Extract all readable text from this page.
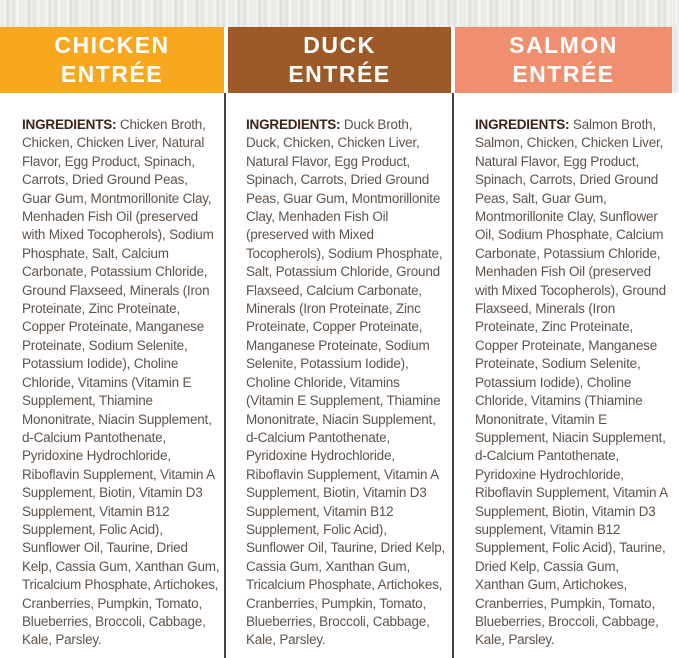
CHICKEN
ENTRÉE
INGREDIENTS: Chicken Broth, Chicken, Chicken Liver, Natural Flavor, Egg Product, Spinach, Carrots, Dried Ground Peas, Guar Gum, Montmorillonite Clay, Menhaden Fish Oil (preserved with Mixed Tocopherols), Sodium Phosphate, Salt, Calcium Carbonate, Potassium Chloride, Ground Flaxseed, Minerals (Iron Proteinate, Zinc Proteinate, Copper Proteinate, Manganese Proteinate, Sodium Selenite, Potassium Iodide), Choline Chloride, Vitamins (Vitamin E Supplement, Thiamine Mononitrate, Niacin Supplement, d-Calcium Pantothenate, Pyridoxine Hydrochloride, Riboflavin Supplement, Vitamin A Supplement, Biotin, Vitamin D3 Supplement, Vitamin B12 Supplement, Folic Acid), Sunflower Oil, Taurine, Dried Kelp, Cassia Gum, Xanthan Gum, Tricalcium Phosphate, Artichokes, Cranberries, Pumpkin, Tomato, Blueberries, Broccoli, Cabbage, Kale, Parsley.
DUCK
ENTRÉE
INGREDIENTS: Duck Broth, Duck, Chicken, Chicken Liver, Natural Flavor, Egg Product, Spinach, Carrots, Dried Ground Peas, Guar Gum, Montmorillonite Clay, Menhaden Fish Oil (preserved with Mixed Tocopherols), Sodium Phosphate, Salt, Potassium Chloride, Ground Flaxseed, Calcium Carbonate, Minerals (Iron Proteinate, Zinc Proteinate, Copper Proteinate, Manganese Proteinate, Sodium Selenite, Potassium Iodide), Choline Chloride, Vitamins (Vitamin E Supplement, Thiamine Mononitrate, Niacin Supplement, d-Calcium Pantothenate, Pyridoxine Hydrochloride, Riboflavin Supplement, Vitamin A Supplement, Biotin, Vitamin D3 Supplement, Vitamin B12 Supplement, Folic Acid), Sunflower Oil, Taurine, Dried Kelp, Cassia Gum, Xanthan Gum, Tricalcium Phosphate, Artichokes, Cranberries, Pumpkin, Tomato, Blueberries, Broccoli, Cabbage, Kale, Parsley.
SALMON
ENTRÉE
INGREDIENTS: Salmon Broth, Salmon, Chicken, Chicken Liver, Natural Flavor, Egg Product, Spinach, Carrots, Dried Ground Peas, Salt, Guar Gum, Montmorillonite Clay, Sunflower Oil, Sodium Phosphate, Calcium Carbonate, Potassium Chloride, Menhaden Fish Oil (preserved with Mixed Tocopherols), Ground Flaxseed, Minerals (Iron Proteinate, Zinc Proteinate, Copper Proteinate, Manganese Proteinate, Sodium Selenite, Potassium Iodide), Choline Chloride, Vitamins (Thiamine Mononitrate, Vitamin E Supplement, Niacin Supplement, d-Calcium Pantothenate, Pyridoxine Hydrochloride, Riboflavin Supplement, Vitamin A Supplement, Biotin, Vitamin D3 supplement, Vitamin B12 Supplement, Folic Acid), Taurine, Dried Kelp, Cassia Gum, Xanthan Gum, Artichokes, Cranberries, Pumpkin, Tomato, Blueberries, Broccoli, Cabbage, Kale, Parsley.
